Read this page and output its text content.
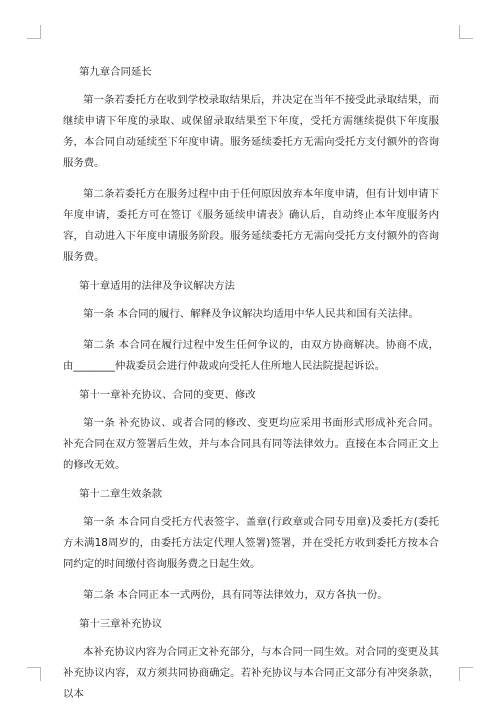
第九章合同延长

第一条若委托方在收到学校录取结果后，并决定在当年不接受此录取结果，而继续申请下年度的录取、或保留录取结果至下年度，受托方需继续提供下年度服务，本合同自动延续至下年度申请。服务延续委托方无需向受托方支付额外的咨询服务费。

第二条若委托方在服务过程中由于任何原因放弃本年度申请，但有计划申请下年度申请，委托方可在签订《服务延续申请表》确认后，自动终止本年度服务内容，自动进入下年度申请服务阶段。服务延续委托方无需向受托方支付额外的咨询服务费。

第十章适用的法律及争议解决方法

第一条 本合同的履行、解释及争议解决均适用中华人民共和国有关法律。

第二条 本合同在履行过程中发生任何争议的，由双方协商解决。协商不成，由________仲裁委员会进行仲裁或向受托人住所地人民法院提起诉讼。

第十一章补充协议、合同的变更、修改

第一条 补充协议、或者合同的修改、变更均应采用书面形式形成补充合同。补充合同在双方签署后生效，并与本合同具有同等法律效力。直接在本合同正文上的修改无效。

第十二章生效条款

第一条 本合同自受托方代表签字、盖章(行政章或合同专用章)及委托方(委托方未满18周岁的，由委托方法定代理人签署)签署，并在受托方收到委托方按本合同约定的时间缴付咨询服务费之日起生效。

第二条 本合同正本一式两份，具有同等法律效力，双方各执一份。

第十三章补充协议

本补充协议内容为合同正文补充部分，与本合同一同生效。对合同的变更及其补充协议内容，双方须共同协商确定。若补充协议与本合同正文部分有冲突条款，以本
